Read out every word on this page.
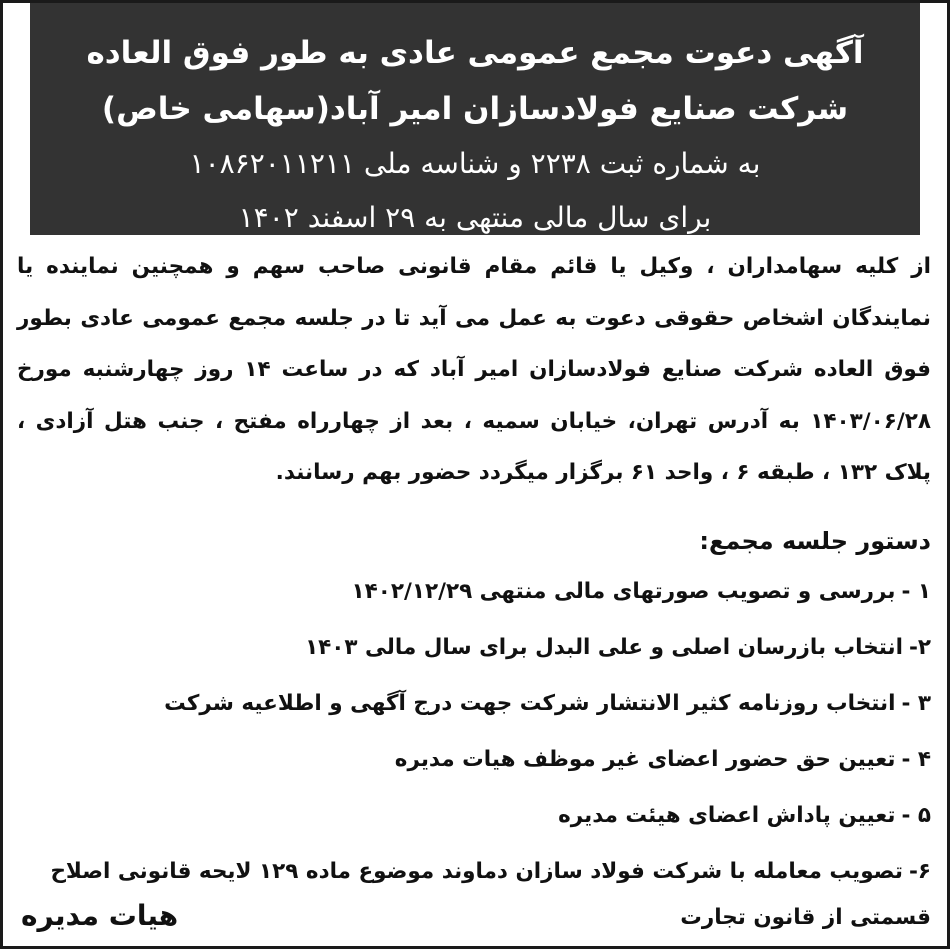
آگهی دعوت مجمع عمومی عادی به طور فوق العاده
شرکت صنایع فولادسازان امیر آباد(سهامی خاص)
به شماره ثبت ۲۲۳۸ و شناسه ملی ۱۰۸۶۲۰۱۱۲۱۱
برای سال مالی منتهی به ۲۹ اسفند ۱۴۰۲

از کلیه سهامداران ، وکیل یا قائم مقام قانونی صاحب سهم و همچنین نماینده یا نمایندگان اشخاص حقوقی دعوت به عمل می آید تا در جلسه مجمع عمومی عادی بطور فوق العاده شرکت صنایع فولادسازان امیر آباد که در ساعت ۱۴ روز چهارشنبه مورخ ۱۴۰۳/۰۶/۲۸ به آدرس تهران، خیابان سمیه ، بعد از چهارراه مفتح ، جنب هتل آزادی ، پلاک ۱۳۲ ، طبقه ۶ ، واحد ۶۱ برگزار میگردد حضور بهم رسانند.

دستور جلسه مجمع:
۱ -بررسی و تصویب صورتهای مالی منتهی ۱۴۰۲/۱۲/۲۹
۲-انتخاب بازرسان اصلی و علی البدل برای سال مالی ۱۴۰۳
۳ -انتخاب روزنامه کثیر الانتشار شرکت جهت درج آگهی و اطلاعیه شرکت
۴ -تعیین حق حضور اعضای غیر موظف هیات مدیره
۵ -تعیین پاداش اعضای هیئت مدیره
۶-تصویب معامله با شرکت فولاد سازان دماوند موضوع ماده ۱۲۹ لایحه قانونی اصلاح قسمتی از قانون تجارت
هیات مدیره
